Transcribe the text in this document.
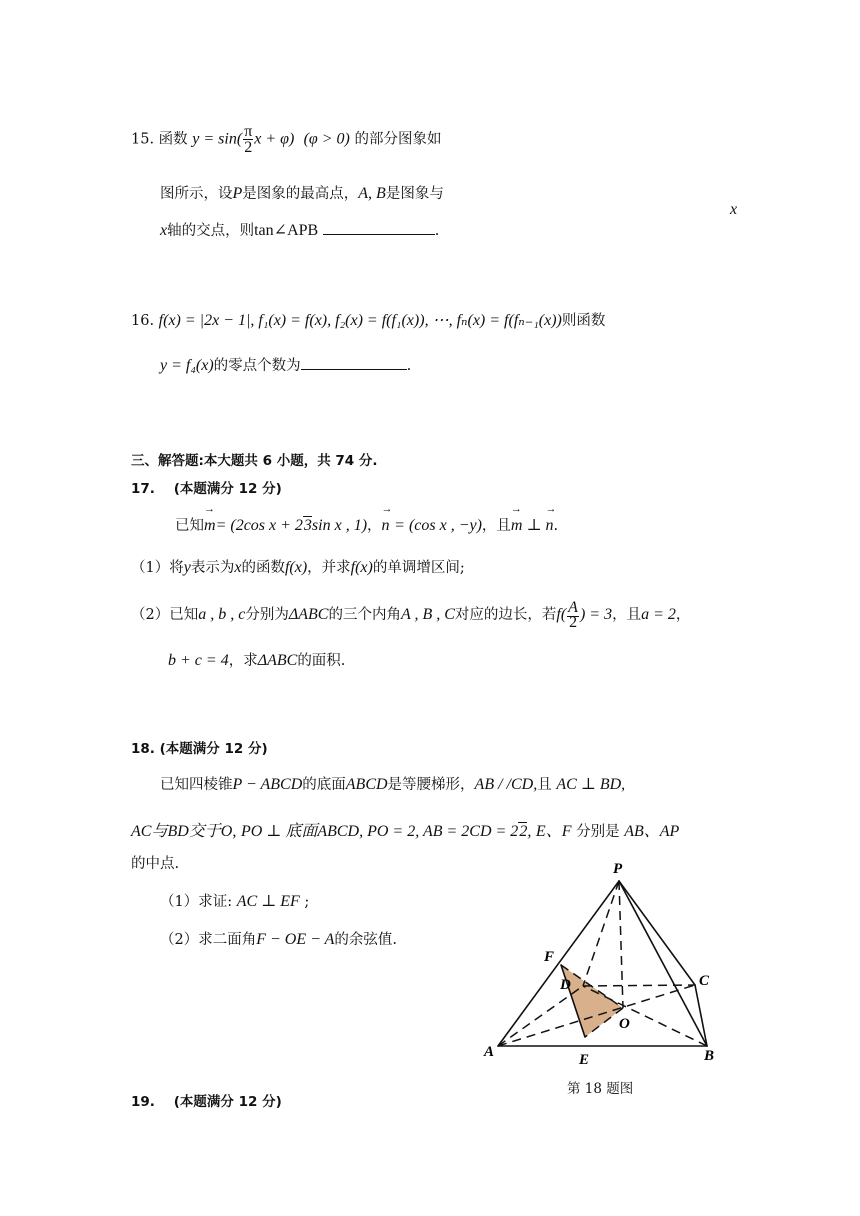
15. 函数 $y = \sin( \frac{\pi}{2}$ x + φ) (φ > 0) 的部分图象如
图所示，设P是图象的最高点，A, B是图象与
x
x轴的交点，则tan∠APB	.
16. f(x) = |2x − 1|, f₁(x) = f(x), f₂(x) = f(f₁(x)), ⋯, fₙ(x) = f(fₙ₋₁(x))则函数
y = f₄(x)的零点个数为	.
三、解答题:本大题共 6 小题，共 74 分.
17. (本题满分 12 分)
已知→ m= (2cos x + 23sin x , 1)，→ n = (cos x , −y)，且→ m ⊥ → n.
（1）将y表示为x的函数f(x)，并求f(x)的单调增区间;
（2）已知a , b , c分别为ΔABC的三个内角A , B , C对应的边长，若$f(\frac{A}{2}$ ) = 3，且a = 2，
b + c = 4，求ΔABC的面积.
18. (本题满分 12 分)
已知四棱锥P − ABCD的底面ABCD是等腰梯形，AB / /CD,且 AC ⊥ BD,
AC与BD交于O, PO ⊥ 底面ABCD, PO = 2, AB = 2CD = 22, E、F 分别是 AB、AP
的中点.
（1）求证: AC ⊥ EF ;
（2）求二面角F − OE − A的余弦值.
P
F
D	C
O
A	E	B
第 18 题图
19. (本题满分 12 分)
